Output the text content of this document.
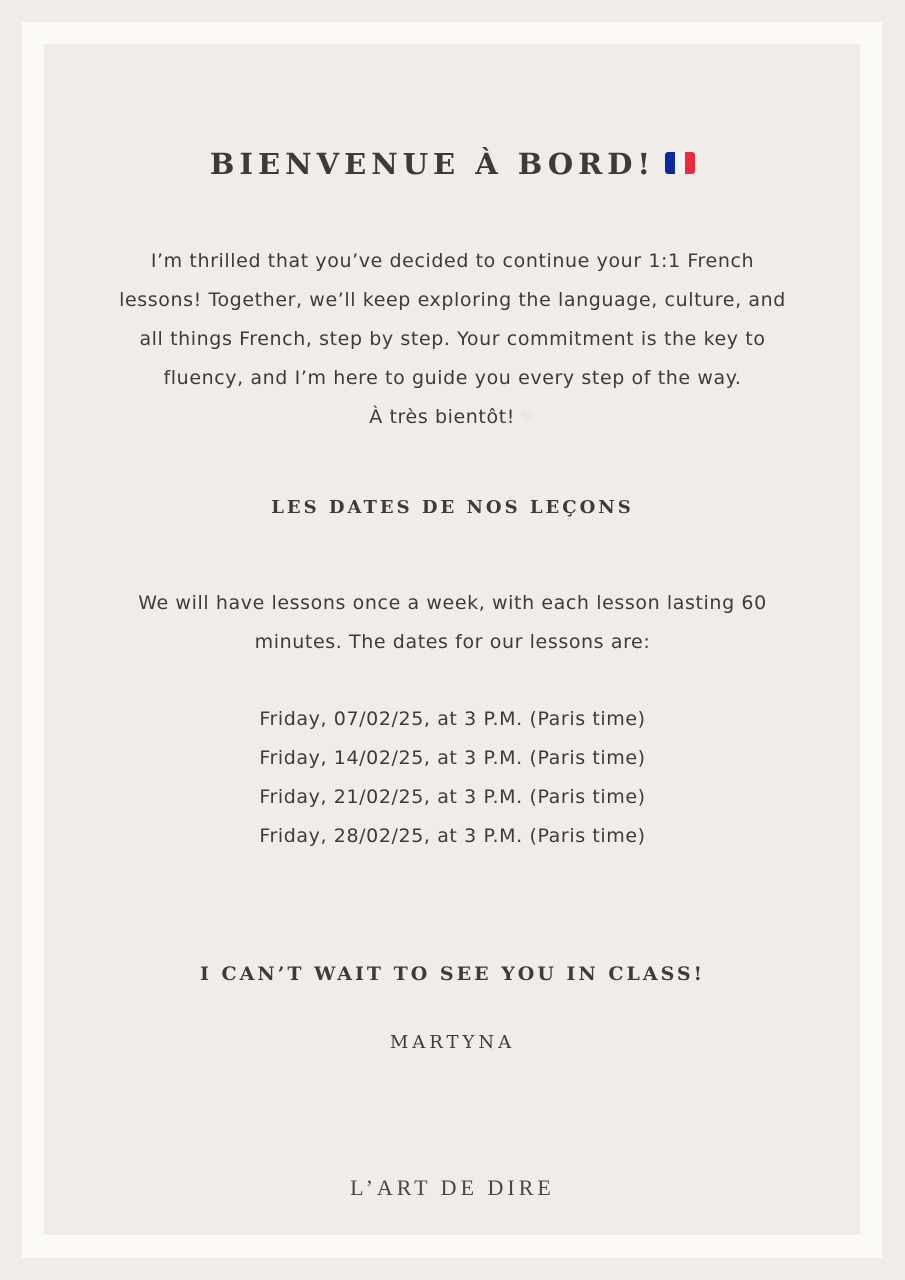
BIENVENUE À BORD!
I’m thrilled that you’ve decided to continue your 1:1 French
lessons! Together, we’ll keep exploring the language, culture, and
all things French, step by step. Your commitment is the key to
fluency, and I’m here to guide you every step of the way.
À très bientôt! ♥
LES DATES DE NOS LEÇONS
We will have lessons once a week, with each lesson lasting 60
minutes. The dates for our lessons are:
Friday, 07/02/25, at 3 P.M. (Paris time)
Friday, 14/02/25, at 3 P.M. (Paris time)
Friday, 21/02/25, at 3 P.M. (Paris time)
Friday, 28/02/25, at 3 P.M. (Paris time)
I CAN’T WAIT TO SEE YOU IN CLASS!
MARTYNA
L’ART DE DIRE
